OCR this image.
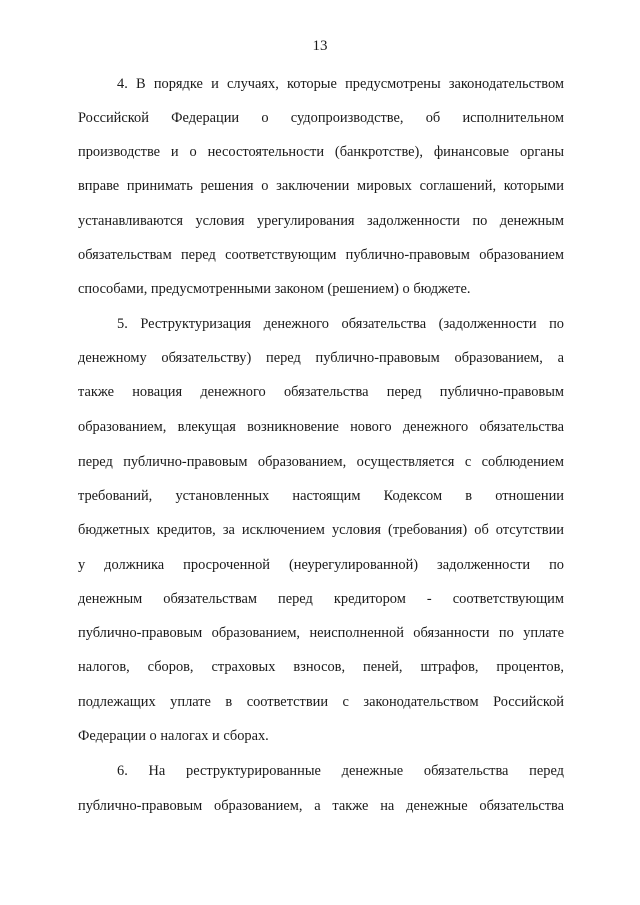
13
4. В порядке и случаях, которые предусмотрены законодательством
Российской Федерации о судопроизводстве, об исполнительном
производстве и о несостоятельности (банкротстве), финансовые органы
вправе принимать решения о заключении мировых соглашений, которыми
устанавливаются условия урегулирования задолженности по денежным
обязательствам перед соответствующим публично-правовым образованием
способами, предусмотренными законом (решением) о бюджете.
5. Реструктуризация денежного обязательства (задолженности по
денежному обязательству) перед публично-правовым образованием, а
также новация денежного обязательства перед публично-правовым
образованием, влекущая возникновение нового денежного обязательства
перед публично-правовым образованием, осуществляется с соблюдением
требований, установленных настоящим Кодексом в отношении
бюджетных кредитов, за исключением условия (требования) об отсутствии
у должника просроченной (неурегулированной) задолженности по
денежным обязательствам перед кредитором - соответствующим
публично-правовым образованием, неисполненной обязанности по уплате
налогов, сборов, страховых взносов, пеней, штрафов, процентов,
подлежащих уплате в соответствии с законодательством Российской
Федерации о налогах и сборах.
6. На реструктурированные денежные обязательства перед
публично-правовым образованием, а также на денежные обязательства
